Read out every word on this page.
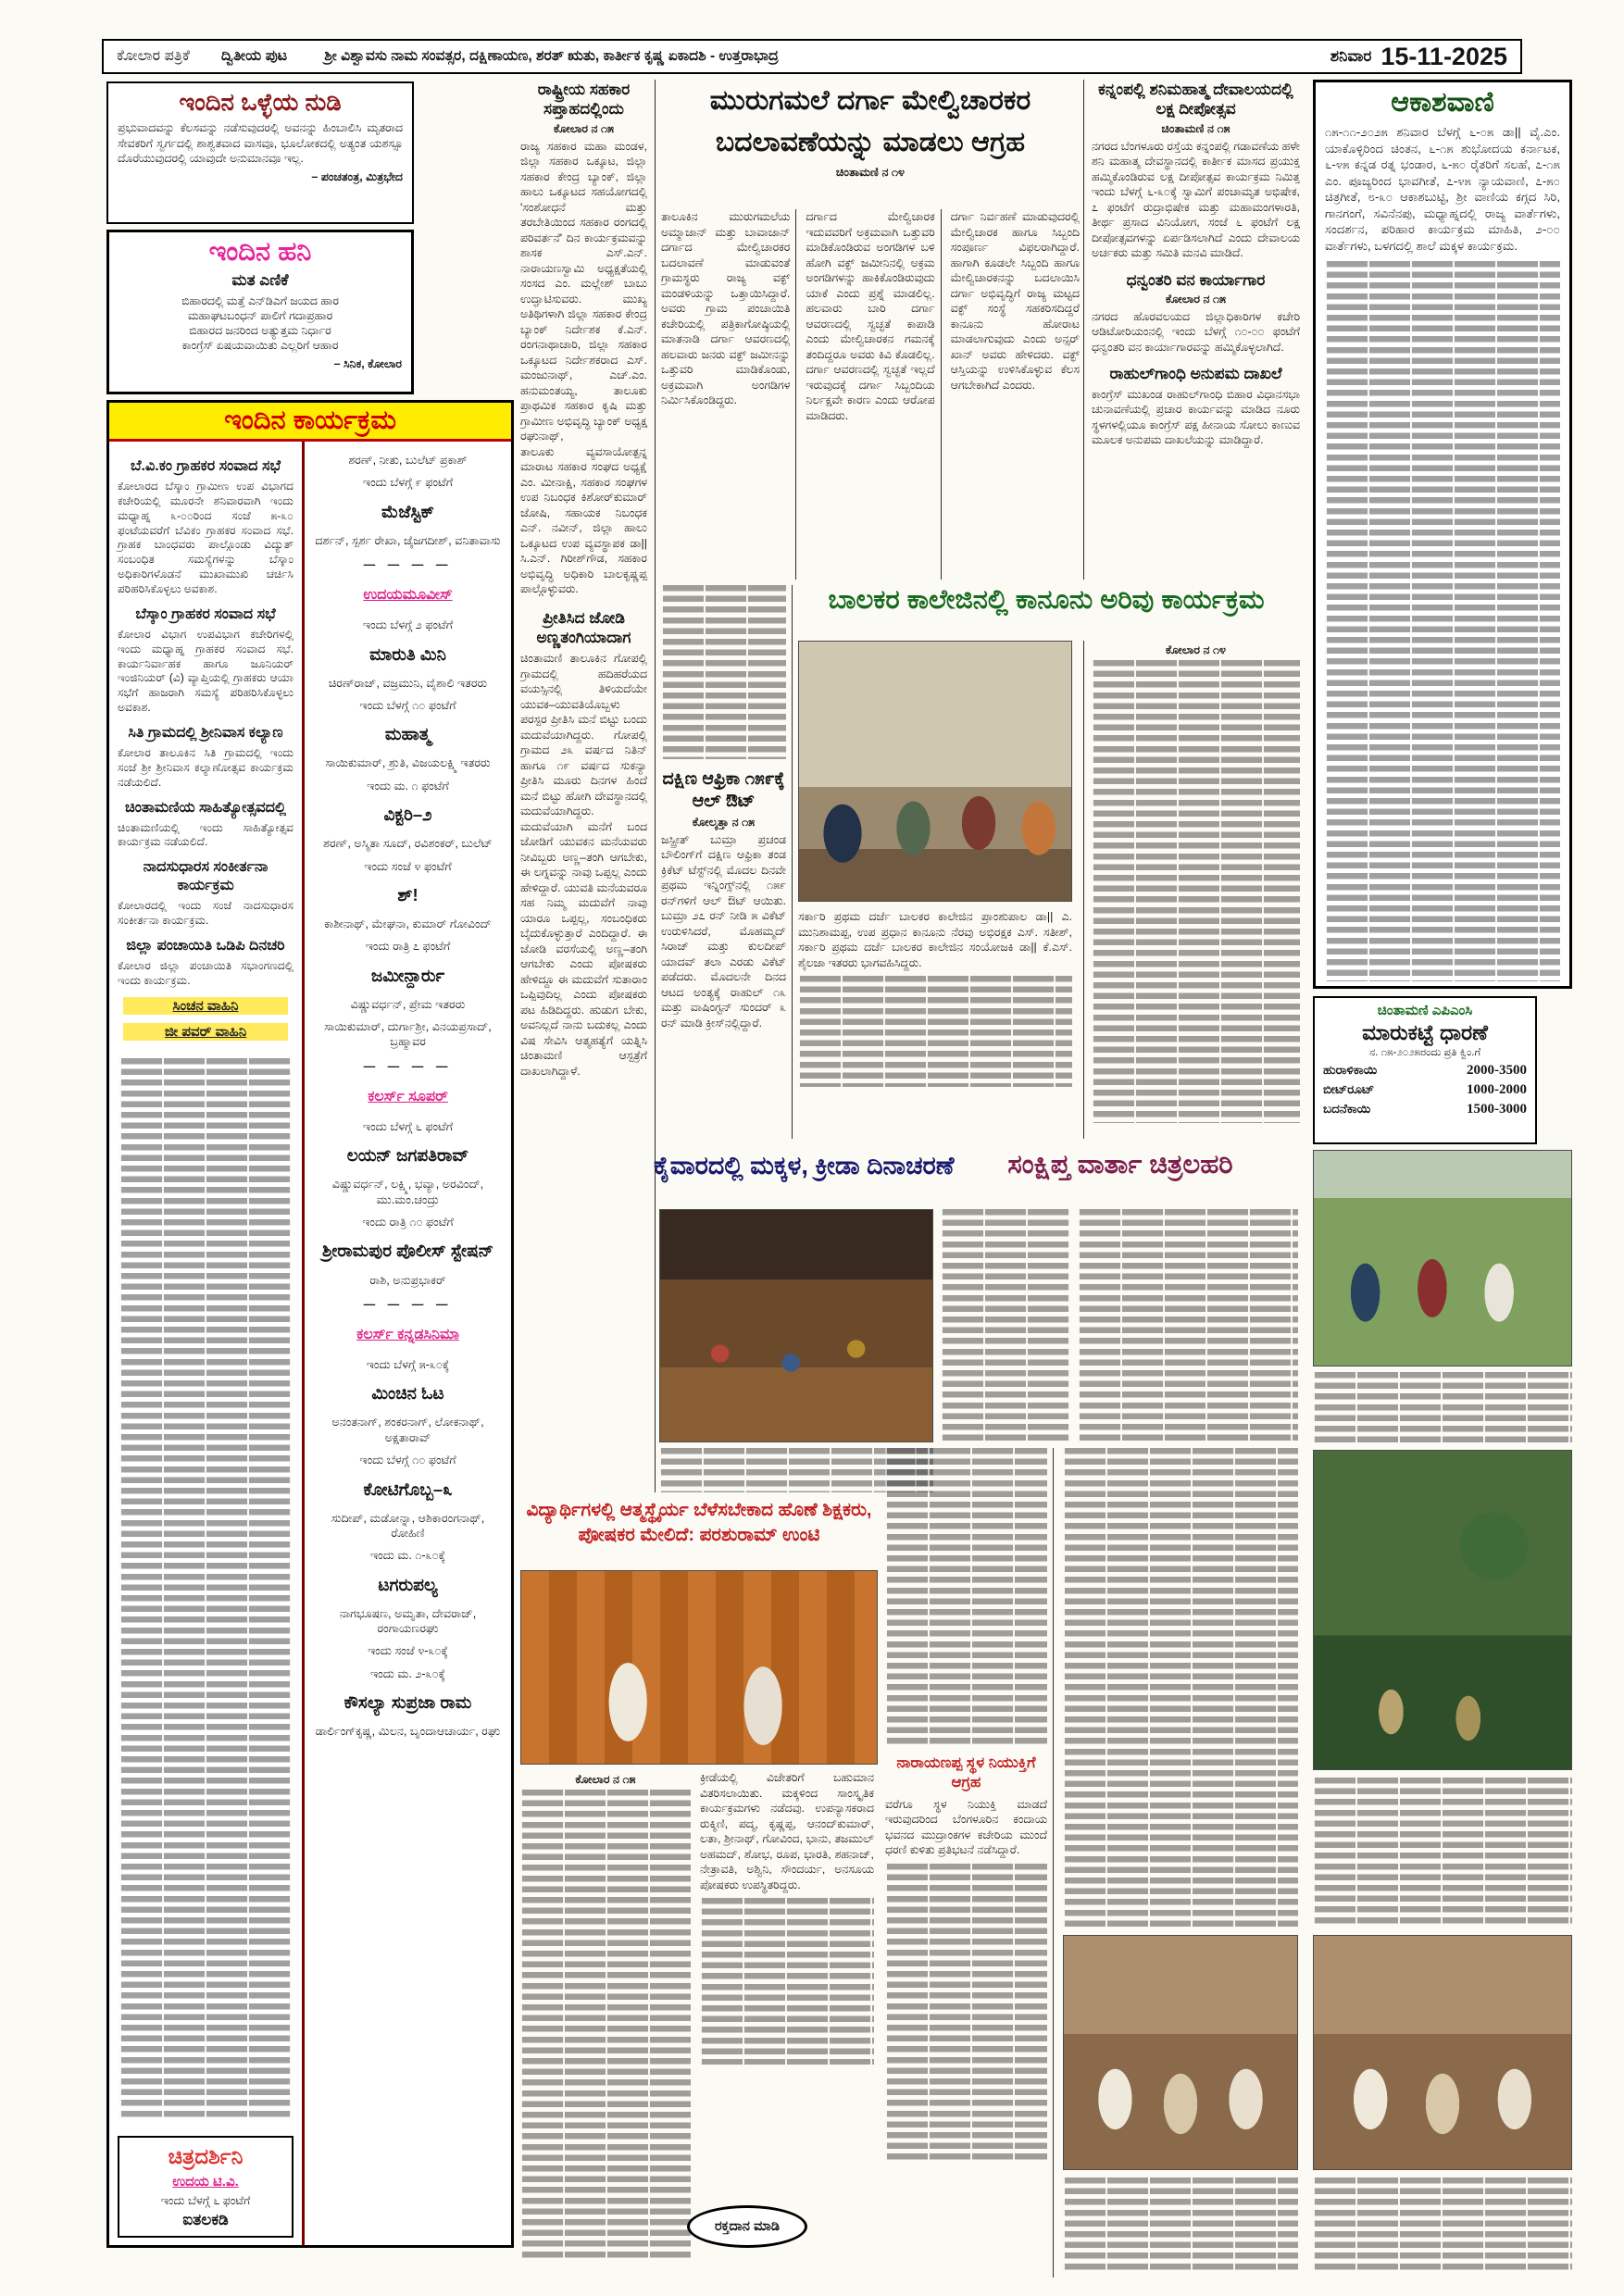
ಕೋಲಾರ ಪತ್ರಿಕೆ ದ್ವಿತೀಯ ಪುಟ	ಶ್ರೀ ವಿಶ್ವಾವಸು ನಾಮ ಸಂವತ್ಸರ, ದಕ್ಷಿಣಾಯಣ, ಶರತ್ ಋತು, ಕಾರ್ತೀಕ ಕೃಷ್ಣ ಏಕಾದಶಿ - ಉತ್ತರಾಭಾದ್ರ	ಶನಿವಾರ 15-11-2025
ಇಂದಿನ ಒಳ್ಳೆಯ ನುಡಿ
ಪ್ರಭುವಾದವನ್ನು ಕೆಲಸವನ್ನು ನಡೆಸುವುದರಲ್ಲಿ ಅವನನ್ನು ಹಿಂಬಾಲಿಸಿ ಮೃತರಾದ ಸೇವಕರಿಗೆ ಸ್ವರ್ಗದಲ್ಲಿ ಶಾಶ್ವತವಾದ ವಾಸವೂ, ಭೂಲೋಕದಲ್ಲಿ ಅತ್ಯಂತ ಯಶಸ್ಸೂ ದೊರೆಯುವುದರಲ್ಲಿ ಯಾವುದೇ ಅನುಮಾನವೂ ಇಲ್ಲ.
– ಪಂಚತಂತ್ರ, ಮಿತ್ರಭೇದ
ಇಂದಿನ ಹನಿ
ಮತ ಎಣಿಕೆ
ಬಿಹಾರದಲ್ಲಿ ಮತ್ತೆ ಎನ್‌ಡಿಎಗೆ ಜಯದ ಹಾರ
ಮಹಾಘಟಬಂಧನ್ ಪಾಲಿಗೆ ಗದಾಪ್ರಹಾರ
ಬಿಹಾರದ ಜನರಿಂದ ಅತ್ಯುತ್ತಮ ನಿರ್ಧಾರ
ಕಾಂಗ್ರೆಸ್ ಏಷಯವಾಯಿತು ಎಲ್ಲರಿಗೆ ಆಹಾರ
– ಸಿನಿಕ, ಕೋಲಾರ
ಇಂದಿನ ಕಾರ್ಯಕ್ರಮ
ಬೆ.ವಿ.ಕಂ ಗ್ರಾಹಕರ ಸಂವಾದ ಸಭೆ
ಕೋಲಾರದ ಬೆಸ್ಕಾಂ ಗ್ರಾಮೀಣ ಉಪ ವಿಭಾಗದ ಕಚೇರಿಯಲ್ಲಿ ಮೂರನೇ ಶನಿವಾರವಾಗಿ ಇಂದು ಮಧ್ಯಾಹ್ನ ೩-೦೦ರಿಂದ ಸಂಜೆ ೫-೩೦ ಫಂಟೆಯವರೆಗೆ ಬೆವಿಕಂ ಗ್ರಾಹಕರ ಸಂವಾದ ಸಭೆ. ಗ್ರಾಹಕ ಬಾಂಧವರು ಪಾಲ್ಗೊಂಡು ವಿದ್ಯುತ್ ಸಂಬಂಧಿತ ಸಮಸ್ಯೆಗಳನ್ನು ಬೆಸ್ಕಾಂ ಅಧಿಕಾರಿಗಳೊಡನೆ ಮುಖಾಮುಖಿ ಚರ್ಚಿಸಿ ಪರಿಹರಿಸಿಕೊಳ್ಳಲು ಅವಕಾಶ.
ಬೆಸ್ಕಾಂ ಗ್ರಾಹಕರ ಸಂವಾದ ಸಭೆ
ಕೋಲಾರ ವಿಭಾಗ ಉಪವಿಭಾಗ ಕಚೇರಿಗಳಲ್ಲಿ ಇಂದು ಮಧ್ಯಾಹ್ನ ಗ್ರಾಹಕರ ಸಂವಾದ ಸಭೆ. ಕಾರ್ಯನಿರ್ವಾಹಕ ಹಾಗೂ ಜೂನಿಯರ್ ಇಂಜಿನಿಯರ್ (ವಿ) ವ್ಯಾಪ್ತಿಯಲ್ಲಿ ಗ್ರಾಹಕರು ಆಯಾ ಸಭೆಗೆ ಹಾಜರಾಗಿ ಸಮಸ್ಯೆ ಪರಿಹರಿಸಿಕೊಳ್ಳಲು ಅವಕಾಶ.
ಸಿತಿ ಗ್ರಾಮದಲ್ಲಿ ಶ್ರೀನಿವಾಸ ಕಲ್ಯಾಣ
ಕೋಲಾರ ತಾಲೂಕಿನ ಸಿತಿ ಗ್ರಾಮದಲ್ಲಿ ಇಂದು ಸಂಜೆ ಶ್ರೀ ಶ್ರೀನಿವಾಸ ಕಲ್ಯಾಣೋತ್ಸವ ಕಾರ್ಯಕ್ರಮ ನಡೆಯಲಿದೆ.
ಚಿಂತಾಮಣಿಯ ಸಾಹಿತ್ಯೋತ್ಸವದಲ್ಲಿ
ಚಿಂತಾಮಣಿಯಲ್ಲಿ ಇಂದು ಸಾಹಿತ್ಯೋತ್ಸವ ಕಾರ್ಯಕ್ರಮ ನಡೆಯಲಿದೆ.
ನಾದಸುಧಾರಸ ಸಂಕೀರ್ತನಾ ಕಾರ್ಯಕ್ರಮ
ಕೋಲಾರದಲ್ಲಿ ಇಂದು ಸಂಜೆ ನಾದಸುಧಾರಸ ಸಂಕೀರ್ತನಾ ಕಾರ್ಯಕ್ರಮ.
ಜಿಲ್ಲಾ ಪಂಚಾಯಿತಿ ಒಡಿಪಿ ದಿನಚರಿ
ಕೋಲಾರ ಜಿಲ್ಲಾ ಪಂಚಾಯಿತಿ ಸಭಾಂಗಣದಲ್ಲಿ ಇಂದು ಕಾರ್ಯಕ್ರಮ.
ಸಿಂಚನ ವಾಹಿನಿ
ಜೀ ಪವರ್ ವಾಹಿನಿ
ಚಿತ್ರದರ್ಶಿನಿ
ಉದಯ ಟಿ.ವಿ.
ಇಂದು ಬೆಳಗ್ಗೆ ೬ ಫಂಟೆಗೆ
ಐತಲಕಡಿ
ಶರಣ್, ನೀತು, ಬುಲೆಟ್ ಪ್ರಕಾಶ್
ಇಂದು ಬೆಳಗ್ಗೆ ೯ ಫಂಟೆಗೆ
ಮೆಜೆಸ್ಟಿಕ್
ದರ್ಶನ್, ಸ್ಪರ್ಶ ರೇಖಾ, ಜೈಜಗದೀಶ್, ವನಿತಾವಾಸು
— — — —
ಉದಯಮೂವೀಸ್
ಇಂದು ಬೆಳಗ್ಗೆ ೨ ಫಂಟೆಗೆ
ಮಾರುತಿ ಮಿನಿ
ಚಿರಣ್‌ರಾಜ್, ವಜ್ರಮುನಿ, ವೈಶಾಲಿ ಇತರರು
ಇಂದು ಬೆಳಗ್ಗೆ ೧೦ ಫಂಟೆಗೆ
ಮಹಾತ್ಮ
ಸಾಯಿಕುಮಾರ್, ಶ್ರುತಿ, ವಿಜಯಲಕ್ಷ್ಮಿ ಇತರರು
ಇಂದು ಮ. ೧ ಫಂಟೆಗೆ
ವಿಕ್ಟರಿ–೨
ಶರಣ್, ಅಸ್ಮಿತಾ ಸೂದ್, ರವಿಶಂಕರ್, ಬುಲೆಟ್
ಇಂದು ಸಂಜೆ ೪ ಫಂಟೆಗೆ
ಶ್!
ಕಾಶೀನಾಥ್, ಮೇಘನಾ, ಕುಮಾರ್ ಗೋವಿಂದ್
ಇಂದು ರಾತ್ರಿ ೭ ಫಂಟೆಗೆ
ಜಮೀನ್ದಾರ್ರು
ವಿಷ್ಣುವರ್ಧನ್, ಪ್ರೇಮ ಇತರರು
ಸಾಯಿಕುಮಾರ್, ದುರ್ಗಾಶ್ರೀ, ವಿನಯಪ್ರಸಾದ್, ಬ್ರಹ್ಮಾವರ
— — — —
ಕಲರ್ಸ್ ಸೂಪರ್
ಇಂದು ಬೆಳಗ್ಗೆ ೬ ಫಂಟೆಗೆ
ಲಯನ್ ಜಗಪತಿರಾವ್
ವಿಷ್ಣುವರ್ಧನ್, ಲಕ್ಷ್ಮಿ, ಭವ್ಯಾ, ಅರವಿಂದ್, ಮು.ಮಂ.ಚಂದ್ರು
ಇಂದು ರಾತ್ರಿ ೧೦ ಫಂಟೆಗೆ
ಶ್ರೀರಾಮಪುರ ಪೊಲೀಸ್ ಸ್ಟೇಷನ್
ರಾಶಿ, ಅನುಪ್ರಭಾಕರ್
— — — —
ಕಲರ್ಸ್ ಕನ್ನಡಸಿನಿಮಾ
ಇಂದು ಬೆಳಗ್ಗೆ ೫-೩೦ಕ್ಕೆ
ಮಿಂಚಿನ ಓಟ
ಅನಂತನಾಗ್, ಶಂಕರನಾಗ್, ಲೋಕನಾಥ್, ಅಕ್ಷತಾರಾವ್
ಇಂದು ಬೆಳಗ್ಗೆ ೧೦ ಫಂಟೆಗೆ
ಕೋಟಿಗೊಬ್ಬ–೩
ಸುದೀಪ್, ಮಡೋನ್ನಾ, ಆಶಿಕಾರಂಗನಾಥ್, ರೋಹಿಣಿ
ಇಂದು ಮ. ೧-೩೦ಕ್ಕೆ
ಟಗರುಪಲ್ಯ
ನಾಗಭೂಷಣ, ಅಮೃತಾ, ದೇವರಾಜ್, ರಂಗಾಯಣರಘು
ಇಂದು ಸಂಜೆ ೪-೩೦ಕ್ಕೆ
ಇಂದು ಮ. ೨-೩೦ಕ್ಕೆ
ಕೌಸಲ್ಯಾ ಸುಪ್ರಜಾ ರಾಮ
ಡಾರ್ಲಿಂಗ್‌ಕೃಷ್ಣ, ಮಿಲನ, ಬೃಂದಾಆಚಾರ್ಯ, ರಘು
ರಾಷ್ಟ್ರೀಯ ಸಹಕಾರ ಸಪ್ತಾಹದಲ್ಲಿಂದು
ಕೋಲಾರ ನ ೧೫
ರಾಜ್ಯ ಸಹಕಾರ ಮಹಾ ಮಂಡಳ, ಜಿಲ್ಲಾ ಸಹಕಾರ ಒಕ್ಕೂಟ, ಜಿಲ್ಲಾ ಸಹಕಾರ ಕೇಂದ್ರ ಬ್ಯಾಂಕ್, ಜಿಲ್ಲಾ ಹಾಲು ಒಕ್ಕೂಟದ ಸಹಯೋಗದಲ್ಲಿ 'ಸಂಶೋಧನೆ ಮತ್ತು ತರಬೇತಿಯಿಂದ ಸಹಕಾರ ರಂಗದಲ್ಲಿ ಪರಿವರ್ತನೆ' ದಿನ ಕಾರ್ಯಕ್ರಮವನ್ನು ಶಾಸಕ ಎಸ್.ಎನ್. ನಾರಾಯಣಸ್ವಾಮಿ ಅಧ್ಯಕ್ಷತೆಯಲ್ಲಿ ಸಂಸದ ಎಂ. ಮಲ್ಲೇಶ್ ಬಾಬು ಉದ್ಘಾಟಿಸುವರು. ಮುಖ್ಯ ಅತಿಥಿಗಳಾಗಿ ಜಿಲ್ಲಾ ಸಹಕಾರ ಕೇಂದ್ರ ಬ್ಯಾಂಕ್ ನಿರ್ದೇಶಕ ಕೆ.ಎನ್. ರಂಗನಾಥಾಚಾರಿ, ಜಿಲ್ಲಾ ಸಹಕಾರ ಒಕ್ಕೂಟದ ನಿರ್ದೇಶಕರಾದ ಎಸ್. ಮಂಜುನಾಥ್, ಎಚ್.ಎಂ. ಹನುಮಂತಯ್ಯ, ತಾಲೂಕು ಪ್ರಾಥಮಿಕ ಸಹಕಾರ ಕೃಷಿ ಮತ್ತು ಗ್ರಾಮೀಣ ಅಭಿವೃದ್ಧಿ ಬ್ಯಾಂಕ್ ಅಧ್ಯಕ್ಷ ರಘುನಾಥ್,
ತಾಲೂಕು ವ್ಯವಸಾಯೋತ್ಪನ್ನ ಮಾರಾಟ ಸಹಕಾರ ಸಂಘದ ಅಧ್ಯಕ್ಷೆ ಎಂ. ಮೀನಾಕ್ಷಿ, ಸಹಕಾರ ಸಂಘಗಳ ಉಪ ನಿಬಂಧಕ ಕಿಶೋರ್‌ಕುಮಾರ್ ಜೋಷಿ, ಸಹಾಯಕ ನಿಬಂಧಕ ಎನ್. ನವೀನ್, ಜಿಲ್ಲಾ ಹಾಲು ಒಕ್ಕೂಟದ ಉಪ ವ್ಯವಸ್ಥಾಪಕ ಡಾ|| ಸಿ.ಎನ್. ಗಿರೀಶ್‌ಗೌಡ, ಸಹಕಾರ ಅಭಿವೃದ್ಧಿ ಅಧಿಕಾರಿ ಬಾಲಕೃಷ್ಣಪ್ಪ ಪಾಲ್ಗೊಳ್ಳುವರು.
ಪ್ರೀತಿಸಿದ ಜೋಡಿ ಅಣ್ಣತಂಗಿಯಾದಾಗ
ಚಿಂತಾಮಣಿ ತಾಲೂಕಿನ ಗೋಪಲ್ಲಿ ಗ್ರಾಮದಲ್ಲಿ ಹದಿಹರೆಯದ ವಯಸ್ಸಿನಲ್ಲಿ ತಿಳಿಯದೆಯೇ ಯುವಕ–ಯುವತಿಯೊಬ್ಬಳು ಪರಸ್ಪರ ಪ್ರೀತಿಸಿ ಮನೆ ಬಿಟ್ಟು ಬಂದು ಮದುವೆಯಾಗಿದ್ದರು. ಗೋಪಲ್ಲಿ ಗ್ರಾಮದ ೨೩ ವರ್ಷದ ನಿತಿನ್ ಹಾಗೂ ೧೯ ವರ್ಷದ ಸುಕನ್ಯಾ ಪ್ರೀತಿಸಿ ಮೂರು ದಿನಗಳ ಹಿಂದೆ ಮನೆ ಬಿಟ್ಟು ಹೋಗಿ ದೇವಸ್ಥಾನದಲ್ಲಿ ಮದುವೆಯಾಗಿದ್ದರು. ಮದುವೆಯಾಗಿ ಮನೆಗೆ ಬಂದ ಜೋಡಿಗೆ ಯುವಕನ ಮನೆಯವರು ನೀವಿಬ್ಬರು ಅಣ್ಣ–ತಂಗಿ ಆಗಬೇಕು, ಈ ಲಗ್ನವನ್ನು ನಾವು ಒಪ್ಪಲ್ಲ ಎಂದು ಹೇಳಿದ್ದಾರೆ. ಯುವತಿ ಮನೆಯವರೂ ಸಹ ನಿಮ್ಮ ಮದುವೆಗೆ ನಾವು ಯಾರೂ ಒಪ್ಪಲ್ಲ, ಸಂಬಂಧಿಕರು ಬೈದುಕೊಳ್ಳುತ್ತಾರೆ ಎಂದಿದ್ದಾರೆ. ಈ ಜೋಡಿ ವರಸೆಯಲ್ಲಿ ಅಣ್ಣ–ತಂಗಿ ಆಗಬೇಕು ಎಂದು ಪೋಷಕರು ಹೇಳಿದ್ದೂ ಈ ಮದುವೆಗೆ ಸುತಾರಾಂ ಒಪ್ಪಿವುದಿಲ್ಲ ಎಂದು ಪೋಷಕರು ಪಟ ಹಿಡಿದಿದ್ದರು. ಹುಡುಗ ಬೇಕು, ಅವನಿಲ್ಲದೆ ನಾನು ಬದುಕಲ್ಲ ಎಂದು ವಿಷ ಸೇವಿಸಿ ಆತ್ಮಹತ್ಯೆಗೆ ಯತ್ನಿಸಿ ಚಿಂತಾಮಣಿ ಆಸ್ಪತ್ರೆಗೆ ದಾಖಲಾಗಿದ್ದಾಳೆ.
ಮುರುಗಮಲೆ ದರ್ಗಾ ಮೇಲ್ವಿಚಾರಕರ ಬದಲಾವಣೆಯನ್ನು ಮಾಡಲು ಆಗ್ರಹ
ಚಿಂತಾಮಣಿ ನ ೧೪
ತಾಲೂಕಿನ ಮುರುಗಮಲೆಯ ಅಮ್ಮಾಜಾನ್ ಮತ್ತು ಬಾವಾಜಾನ್ ದರ್ಗಾದ ಮೇಲ್ವಿಚಾರಕರ ಬದಲಾವಣೆ ಮಾಡುವಂತೆ ಗ್ರಾಮಸ್ಥರು ರಾಜ್ಯ ವಕ್ಫ್ ಮಂಡಳಿಯನ್ನು ಒತ್ತಾಯಿಸಿದ್ದಾರೆ. ಅವರು ಗ್ರಾಮ ಪಂಚಾಯಿತಿ ಕಚೇರಿಯಲ್ಲಿ ಪತ್ರಿಕಾಗೋಷ್ಠಿಯಲ್ಲಿ ಮಾತನಾಡಿ ದರ್ಗಾ ಆವರಣದಲ್ಲಿ ಹಲವಾರು ಜನರು ವಕ್ಫ್ ಜಮೀನನ್ನು ಒತ್ತುವರಿ ಮಾಡಿಕೊಂಡು, ಅಕ್ರಮವಾಗಿ ಅಂಗಡಿಗಳ ನಿರ್ಮಿಸಿಕೊಂಡಿದ್ದರು.
ದರ್ಗಾದ ಮೇಲ್ವಿಚಾರಕ ಇದುವವರಿಗೆ ಅಕ್ರಮವಾಗಿ ಒತ್ತುವರಿ ಮಾಡಿಕೊಂಡಿರುವ ಅಂಗಡಿಗಳ ಬಳಿ ಹೋಗಿ ವಕ್ಫ್ ಜಮೀನಿನಲ್ಲಿ ಅಕ್ರಮ ಅಂಗಡಿಗಳನ್ನು ಹಾಕಿಕೊಂಡಿರುವುದು ಯಾಕೆ ಎಂದು ಪ್ರಶ್ನೆ ಮಾಡಲಿಲ್ಲ. ಹಲವಾರು ಬಾರಿ ದರ್ಗಾ ಆವರಣದಲ್ಲಿ ಸ್ವಚ್ಛತೆ ಕಾಪಾಡಿ ಎಂದು ಮೇಲ್ವಿಚಾರಕನ ಗಮನಕ್ಕೆ ತಂದಿದ್ದರೂ ಅವರು ಕಿವಿ ಕೊಡಲಿಲ್ಲ. ದರ್ಗಾ ಆವರಣದಲ್ಲಿ ಸ್ವಚ್ಛತೆ ಇಲ್ಲದೆ ಇರುವುದಕ್ಕೆ ದರ್ಗಾ ಸಿಬ್ಬಂದಿಯ ನಿರ್ಲಕ್ಷವೇ ಕಾರಣ ಎಂದು ಆರೋಪ ಮಾಡಿದರು.
ದರ್ಗಾ ನಿರ್ವಹಣೆ ಮಾಡುವುದರಲ್ಲಿ ಮೇಲ್ವಿಚಾರಕ ಹಾಗೂ ಸಿಬ್ಬಂದಿ ಸಂಪೂರ್ಣ ವಿಫಲರಾಗಿದ್ದಾರೆ. ಹಾಗಾಗಿ ಕೂಡಲೇ ಸಿಬ್ಬಂದಿ ಹಾಗೂ ಮೇಲ್ವಿಚಾರಕನನ್ನು ಬದಲಾಯಿಸಿ ದರ್ಗಾ ಅಭಿವೃದ್ಧಿಗೆ ರಾಜ್ಯ ಮಟ್ಟದ ವಕ್ಫ್ ಸಂಸ್ಥೆ ಸಹಕರಿಸದಿದ್ದರೆ ಕಾನೂನು ಹೋರಾಟ ಮಾಡಲಾಗುವುದು ಎಂದು ಅನ್ಸರ್ ಖಾನ್ ಅವರು ಹೇಳಿದರು. ವಕ್ಫ್ ಆಸ್ತಿಯನ್ನು ಉಳಿಸಿಕೊಳ್ಳುವ ಕೆಲಸ ಆಗಬೇಕಾಗಿದೆ ಎಂದರು.
ಕನ್ನಂಪಲ್ಲಿ ಶನಿಮಹಾತ್ಮ ದೇವಾಲಯದಲ್ಲಿ ಲಕ್ಷ ದೀಪೋತ್ಸವ
ಚಿಂತಾಮಣಿ ನ ೧೫
ನಗರದ ಬೆಂಗಳೂರು ರಸ್ತೆಯ ಕನ್ನಂಪಲ್ಲಿ ಗಡಾವಣೆಯ ಹಳೇ ಶನಿ ಮಹಾತ್ಮ ದೇವಸ್ಥಾನದಲ್ಲಿ ಕಾರ್ತೀಕ ಮಾಸದ ಪ್ರಯುಕ್ತ ಹಮ್ಮಿಕೊಂಡಿರುವ ಲಕ್ಷ ದೀಪೋತ್ಸವ ಕಾರ್ಯಕ್ರಮ ನಿಮಿತ್ತ ಇಂದು ಬೆಳಗ್ಗೆ ೬-೩೦ಕ್ಕೆ ಸ್ವಾಮಿಗೆ ಪಂಚಾಮೃತ ಅಭಿಷೇಕ, ೭ ಫಂಟೆಗೆ ರುದ್ರಾಭಿಷೇಕ ಮತ್ತು ಮಹಾಮಂಗಳಾರತಿ, ತೀರ್ಥ ಪ್ರಸಾದ ವಿನಿಯೋಗ, ಸಂಜೆ ೬ ಫಂಟೆಗೆ ಲಕ್ಷ ದೀಪೋತ್ಸವಗಳನ್ನು ಏರ್ಪಡಿಸಲಾಗಿದೆ ಎಂದು ದೇವಾಲಯ ಅರ್ಚಕರು ಮತ್ತು ಸಮಿತಿ ಮನವಿ ಮಾಡಿದೆ.
ಧನ್ವಂತರಿ ವನ ಕಾರ್ಯಾಗಾರ
ಕೋಲಾರ ನ ೧೫
ನಗರದ ಹೊರವಲಯದ ಜಿಲ್ಲಾಧಿಕಾರಿಗಳ ಕಚೇರಿ ಆಡಿಟೋರಿಯಂನಲ್ಲಿ ಇಂದು ಬೆಳಗ್ಗೆ ೧೦-೦೦ ಫಂಟೆಗೆ ಧನ್ವಂತರಿ ವನ ಕಾರ್ಯಾಗಾರವನ್ನು ಹಮ್ಮಿಕೊಳ್ಳಲಾಗಿದೆ.
ರಾಹುಲ್‌ಗಾಂಧಿ ಅನುಪಮ ದಾಖಲೆ
ಕಾಂಗ್ರೆಸ್ ಮುಖಂಡ ರಾಹುಲ್‌ಗಾಂಧಿ ಬಿಹಾರ ವಿಧಾನಸಭಾ ಚುನಾವಣೆಯಲ್ಲಿ ಪ್ರಚಾರ ಕಾರ್ಯವನ್ನು ಮಾಡಿದ ನೂರು ಸ್ಥಳಗಳಲ್ಲಿಯೂ ಕಾಂಗ್ರೆಸ್ ಪಕ್ಷ ಹೀನಾಯ ಸೋಲು ಕಾಣುವ ಮೂಲಕ ಅನುಪಮ ದಾಖಲೆಯನ್ನು ಮಾಡಿದ್ದಾರೆ.
ಆಕಾಶವಾಣಿ
೧೫-೧೧-೨೦೨೫ ಶನಿವಾರ ಬೆಳಗ್ಗೆ ೬-೦೫ ಡಾ|| ವೈ.ಎಂ. ಯಾಕೊಳ್ಳಿರಿಂದ ಚಿಂತನ, ೬-೧೫ ಶುಭೋದಯ ಕರ್ನಾಟಕ, ೬-೪೫ ಕನ್ನಡ ರತ್ನ ಭಂಡಾರ, ೬-೫೦ ರೈತರಿಗೆ ಸಲಹೆ, ೭-೧೫ ಎಂ. ಪೂಜ್ಯರಿಂದ ಭಾವಗೀತೆ, ೭-೪೫ ನ್ಯಾಯವಾಣಿ, ೭-೫೦ ಚಿತ್ರಗೀತೆ, ೮-೩೦ ಆಕಾಶಬುಟ್ಟಿ, ಶ್ರೀ ವಾಣಿಯ ಕಗ್ಗದ ಸಿರಿ, ಗಾನಗಂಗೆ, ಸವಿನೆನಪು, ಮಧ್ಯಾಹ್ನದಲ್ಲಿ ರಾಜ್ಯ ವಾರ್ತೆಗಳು, ಸಂದರ್ಶನ, ಪರಿಹಾರ ಕಾರ್ಯಕ್ರಮ ಮಾಹಿತಿ, ೨-೦೦ ವಾರ್ತೆಗಳು, ಬಳಗದಲ್ಲಿ ಶಾಲೆ ಮಕ್ಕಳ ಕಾರ್ಯಕ್ರಮ.
ಬಾಲಕರ ಕಾಲೇಜಿನಲ್ಲಿ ಕಾನೂನು ಅರಿವು ಕಾರ್ಯಕ್ರಮ
ಸರ್ಕಾರಿ ಪ್ರಥಮ ದರ್ಜೆ ಬಾಲಕರ ಕಾಲೇಜಿನ ಪ್ರಾಂಶುಪಾಲ ಡಾ|| ಎ. ಮುನಿಶಾಮಪ್ಪ, ಉಪ ಪ್ರಧಾನ ಕಾನೂನು ನೆರವು ಅಭಿರಕ್ಷಕ ಎಸ್. ಸತೀಶ್, ಸರ್ಕಾರಿ ಪ್ರಥಮ ದರ್ಜೆ ಬಾಲಕರ ಕಾಲೇಜಿನ ಸಂಯೋಜಕಿ ಡಾ|| ಕೆ.ಎಸ್. ಶೈಲಜಾ ಇತರರು ಭಾಗವಹಿಸಿದ್ದರು.
ಕೋಲಾರ ನ ೧೪
ದಕ್ಷಿಣ ಆಫ್ರಿಕಾ ೧೫೯ಕ್ಕೆ ಆಲ್ ಔಟ್
ಕೋಲ್ಕತ್ತಾ ನ ೧೫
ಜಸ್ಪ್ರೀತ್ ಬುಮ್ರಾ ಪ್ರಚಂಡ ಬೌಲಿಂಗ್‌ಗೆ ದಕ್ಷಿಣ ಆಫ್ರಿಕಾ ತಂಡ ಕ್ರಿಕೆಟ್ ಟೆಸ್ಟ್‌ನಲ್ಲಿ ಮೊದಲ ದಿನವೇ ಪ್ರಥಮ ಇನ್ನಿಂಗ್ಸ್‌ನಲ್ಲಿ ೧೫೯ ರನ್‌ಗಳಿಗೆ ಆಲ್ ಔಟ್ ಆಯಿತು. ಬುಮ್ರಾ ೨೭ ರನ್ ನೀಡಿ ೫ ವಿಕೆಟ್ ಉರುಳಿಸಿದರೆ, ಮೊಹಮ್ಮದ್ ಸಿರಾಜ್ ಮತ್ತು ಕುಲದೀಪ್ ಯಾದವ್ ತಲಾ ಎರಡು ವಿಕೆಟ್ ಪಡೆದರು. ಮೊದಲನೇ ದಿನದ ಆಟದ ಅಂತ್ಯಕ್ಕೆ ರಾಹುಲ್ ೧೩ ಮತ್ತು ವಾಷಿಂಗ್ಟನ್ ಸುಂದರ್ ೩ ರನ್ ಮಾಡಿ ಕ್ರೀಸ್‌ನಲ್ಲಿದ್ದಾರೆ.
ಚಿಂತಾಮಣಿ ಎಪಿಎಂಸಿ
ಮಾರುಕಟ್ಟೆ ಧಾರಣೆ
ನ. ೧೫-೨೦೨೫ರಂದು ಪ್ರತಿ ಕ್ವಿಂ.ಗೆ
ಹುರಾಳಿಕಾಯಿ	2000-3500
ಬೀಟ್‌ರೂಟ್	1000-2000
ಬದನೆಕಾಯಿ	1500-3000
ಕೈವಾರದಲ್ಲಿ ಮಕ್ಕಳ, ಕ್ರೀಡಾ ದಿನಾಚರಣೆ	ಸಂಕ್ಷಿಪ್ತ ವಾರ್ತಾ ಚಿತ್ರಲಹರಿ
ವಿದ್ಯಾರ್ಥಿಗಳಲ್ಲಿ ಆತ್ಮಸ್ಥೈರ್ಯ ಬೆಳೆಸಬೇಕಾದ ಹೊಣೆ ಶಿಕ್ಷಕರು, ಪೋಷಕರ ಮೇಲಿದೆ: ಪರಶುರಾಮ್ ಉಂಟಿ
ಕೋಲಾರ ನ ೧೫	ಕ್ರೀಡೆಯಲ್ಲಿ ವಿಜೇತರಿಗೆ ಬಹುಮಾನ ವಿತರಿಸಲಾಯಿತು. ಮಕ್ಕಳಿಂದ ಸಾಂಸ್ಕೃತಿಕ ಕಾರ್ಯಕ್ರಮಗಳು ನಡೆದವು. ಉಪನ್ಯಾಸಕರಾದ ರುಕ್ಮಿಣಿ, ಪದ್ಮ, ಕೃಷ್ಣಪ್ಪ, ಆನಂದ್‌ಕುಮಾರ್, ಲತಾ, ಶ್ರೀನಾಥ್, ಗೋವಿಂದ, ಭಾನು, ತಜಮುಲ್ ಅಹಮದ್, ಶೋಭ, ರೂಪ, ಭಾರತಿ, ಶಹನಾಜ್, ನೇತ್ರಾವತಿ, ಅಶ್ವಿನಿ, ಸೌಂದರ್ಯ, ಅನಸೂಯ ಪೋಷಕರು ಉಪಸ್ಥಿತರಿದ್ದರು.
ನಾರಾಯಣಪ್ಪ ಸ್ಥಳ ನಿಯುಕ್ತಿಗೆ ಆಗ್ರಹ
ವರೆಗೂ ಸ್ಥಳ ನಿಯುಕ್ತಿ ಮಾಡದೆ ಇರುವುದರಿಂದ ಬೆಂಗಳೂರಿನ ಕಂದಾಯ ಭವನದ ಮುದ್ರಾಂಕಗಳ ಕಚೇರಿಯ ಮುಂದೆ ಧರಣಿ ಕುಳಿತು ಪ್ರತಿಭಟನೆ ನಡೆಸಿದ್ದಾರೆ.
ರಕ್ತದಾನ ಮಾಡಿ
